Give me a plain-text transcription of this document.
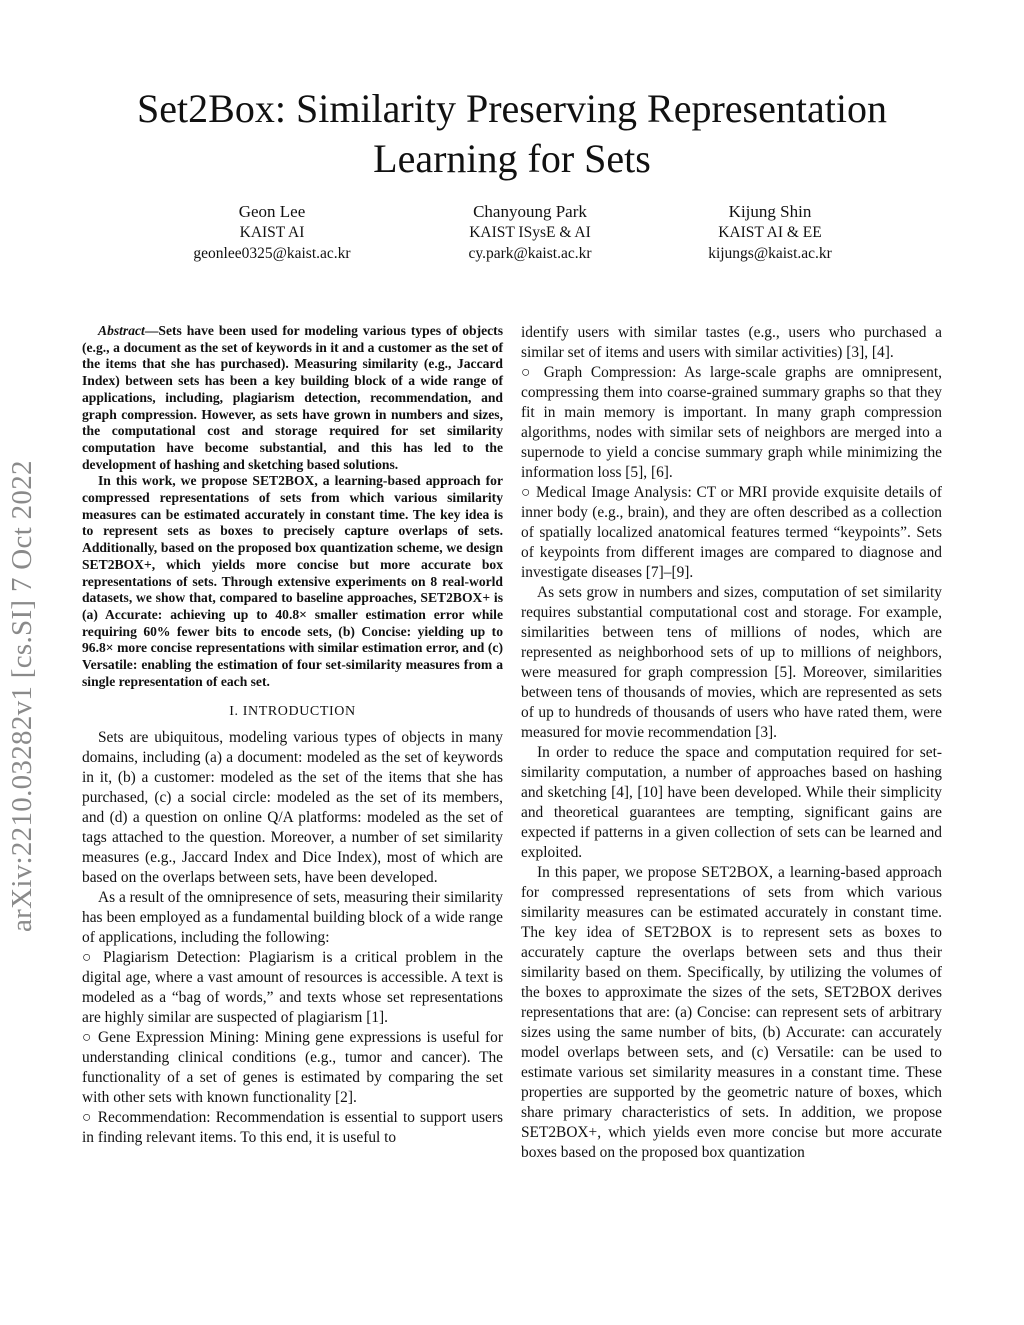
Set2Box: Similarity Preserving Representation
Learning for Sets
Geon Lee
KAIST AI
geonlee0325@kaist.ac.kr
Chanyoung Park
KAIST ISysE & AI
cy.park@kaist.ac.kr
Kijung Shin
KAIST AI & EE
kijungs@kaist.ac.kr
arXiv:2210.03282v1 [cs.SI] 7 Oct 2022

Abstract—Sets have been used for modeling various types of objects (e.g., a document as the set of keywords in it and a customer as the set of the items that she has purchased). Measuring similarity (e.g., Jaccard Index) between sets has been a key building block of a wide range of applications, including, plagiarism detection, recommendation, and graph compression. However, as sets have grown in numbers and sizes, the computational cost and storage required for set similarity computation have become substantial, and this has led to the development of hashing and sketching based solutions.

In this work, we propose SET2BOX, a learning-based approach for compressed representations of sets from which various similarity measures can be estimated accurately in constant time. The key idea is to represent sets as boxes to precisely capture overlaps of sets. Additionally, based on the proposed box quantization scheme, we design SET2BOX+, which yields more concise but more accurate box representations of sets. Through extensive experiments on 8 real-world datasets, we show that, compared to baseline approaches, SET2BOX+ is (a) Accurate: achieving up to 40.8× smaller estimation error while requiring 60% fewer bits to encode sets, (b) Concise: yielding up to 96.8× more concise representations with similar estimation error, and (c) Versatile: enabling the estimation of four set-similarity measures from a single representation of each set.

I. INTRODUCTION

Sets are ubiquitous, modeling various types of objects in many domains, including (a) a document: modeled as the set of keywords in it, (b) a customer: modeled as the set of the items that she has purchased, (c) a social circle: modeled as the set of its members, and (d) a question on online Q/A platforms: modeled as the set of tags attached to the question. Moreover, a number of set similarity measures (e.g., Jaccard Index and Dice Index), most of which are based on the overlaps between sets, have been developed.

As a result of the omnipresence of sets, measuring their similarity has been employed as a fundamental building block of a wide range of applications, including the following:

○ Plagiarism Detection: Plagiarism is a critical problem in the digital age, where a vast amount of resources is accessible. A text is modeled as a “bag of words,” and texts whose set representations are highly similar are suspected of plagiarism [1].

○ Gene Expression Mining: Mining gene expressions is useful for understanding clinical conditions (e.g., tumor and cancer). The functionality of a set of genes is estimated by comparing the set with other sets with known functionality [2].

○ Recommendation: Recommendation is essential to support users in finding relevant items. To this end, it is useful to

identify users with similar tastes (e.g., users who purchased a similar set of items and users with similar activities) [3], [4].

○ Graph Compression: As large-scale graphs are omnipresent, compressing them into coarse-grained summary graphs so that they fit in main memory is important. In many graph compression algorithms, nodes with similar sets of neighbors are merged into a supernode to yield a concise summary graph while minimizing the information loss [5], [6].

○ Medical Image Analysis: CT or MRI provide exquisite details of inner body (e.g., brain), and they are often described as a collection of spatially localized anatomical features termed “keypoints”. Sets of keypoints from different images are compared to diagnose and investigate diseases [7]–[9].

As sets grow in numbers and sizes, computation of set similarity requires substantial computational cost and storage. For example, similarities between tens of millions of nodes, which are represented as neighborhood sets of up to millions of neighbors, were measured for graph compression [5]. Moreover, similarities between tens of thousands of movies, which are represented as sets of up to hundreds of thousands of users who have rated them, were measured for movie recommendation [3].

In order to reduce the space and computation required for set-similarity computation, a number of approaches based on hashing and sketching [4], [10] have been developed. While their simplicity and theoretical guarantees are tempting, significant gains are expected if patterns in a given collection of sets can be learned and exploited.

In this paper, we propose SET2BOX, a learning-based approach for compressed representations of sets from which various similarity measures can be estimated accurately in constant time. The key idea of SET2BOX is to represent sets as boxes to accurately capture the overlaps between sets and thus their similarity based on them. Specifically, by utilizing the volumes of the boxes to approximate the sizes of the sets, SET2BOX derives representations that are: (a) Concise: can represent sets of arbitrary sizes using the same number of bits, (b) Accurate: can accurately model overlaps between sets, and (c) Versatile: can be used to estimate various set similarity measures in a constant time. These properties are supported by the geometric nature of boxes, which share primary characteristics of sets. In addition, we propose SET2BOX+, which yields even more concise but more accurate boxes based on the proposed box quantization
